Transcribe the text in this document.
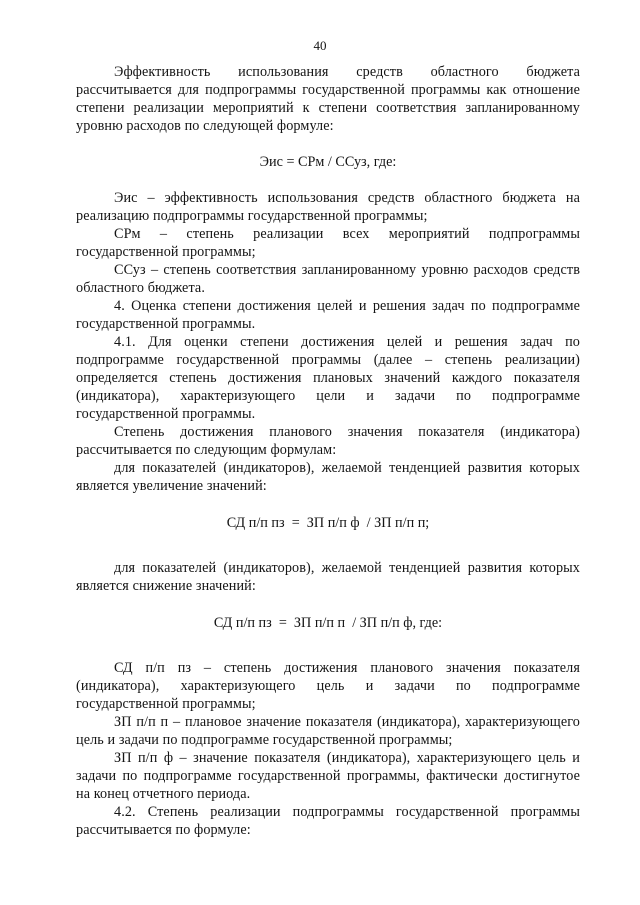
40

Эффективность использования средств областного бюджета рассчитывается для подпрограммы государственной программы как отношение степени реализации мероприятий к степени соответствия запланированному уровню расходов по следующей формуле:

Эис = СРм / ССуз, где:

Эис – эффективность использования средств областного бюджета на реализацию подпрограммы государственной программы;

СРм – степень реализации всех мероприятий подпрограммы государственной программы;

ССуз – степень соответствия запланированному уровню расходов средств областного бюджета.

4. Оценка степени достижения целей и решения задач по подпрограмме государственной программы.

4.1. Для оценки степени достижения целей и решения задач по подпрограмме государственной программы (далее – степень реализации) определяется степень достижения плановых значений каждого показателя (индикатора), характеризующего цели и задачи по подпрограмме государственной программы.

Степень достижения планового значения показателя (индикатора) рассчитывается по следующим формулам:

для показателей (индикаторов), желаемой тенденцией развития которых является увеличение значений:

СД п/п пз  =  ЗП п/п ф  / ЗП п/п п;

для показателей (индикаторов), желаемой тенденцией развития которых является снижение значений:

СД п/п пз  =  ЗП п/п п  / ЗП п/п ф, где:

СД п/п пз – степень достижения планового значения показателя (индикатора), характеризующего цель и задачи по подпрограмме государственной программы;

ЗП п/п п – плановое значение показателя (индикатора), характеризующего цель и задачи по подпрограмме государственной программы;

ЗП п/п ф – значение показателя (индикатора), характеризующего цель и задачи по подпрограмме государственной программы, фактически достигнутое на конец отчетного периода.

4.2. Степень реализации подпрограммы государственной программы рассчитывается по формуле:
